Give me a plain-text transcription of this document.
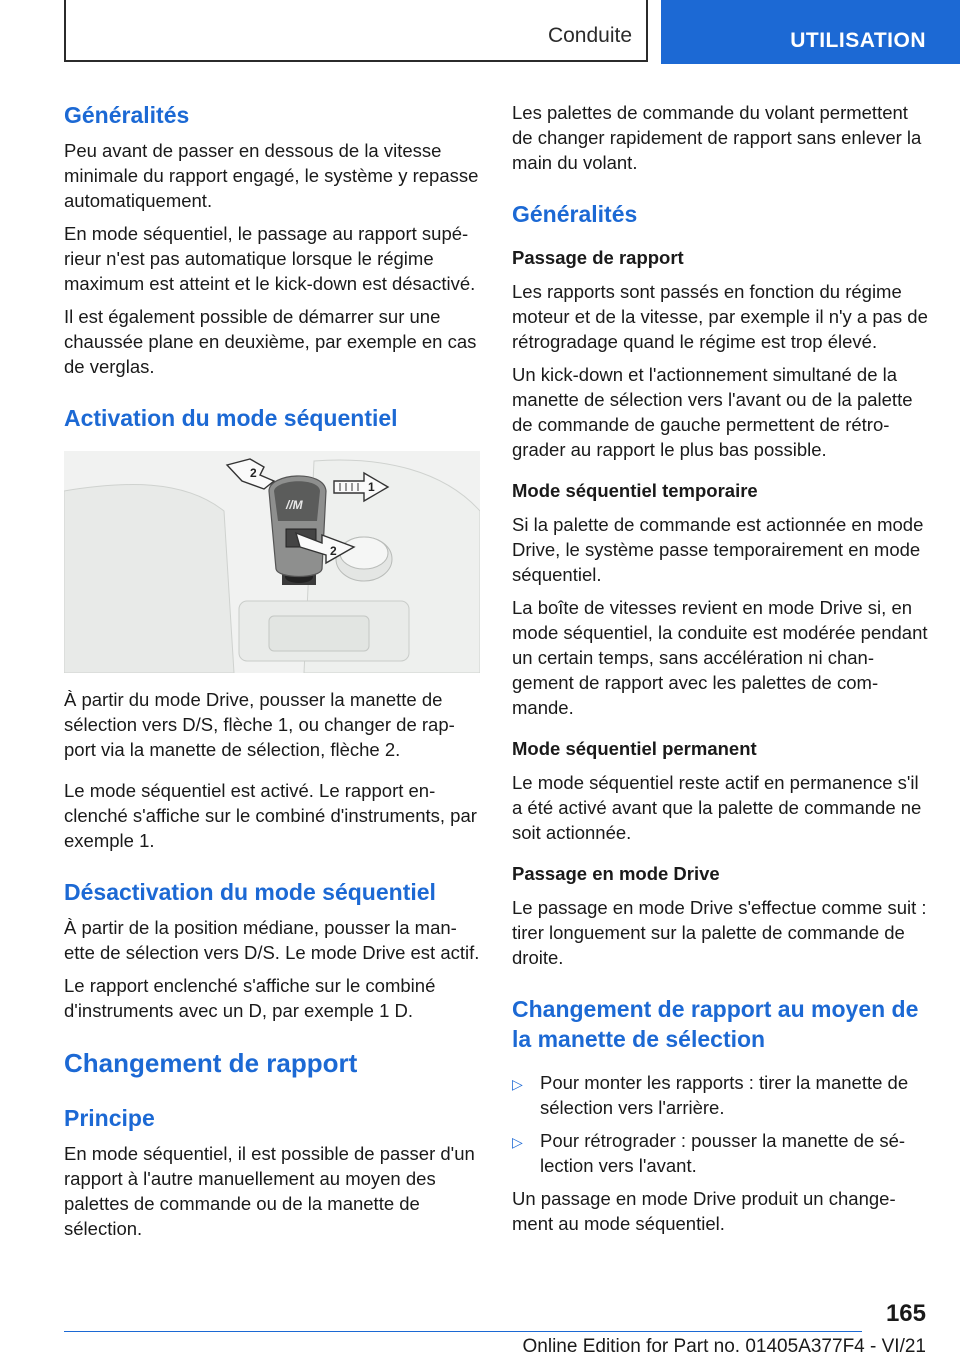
Conduite	UTILISATION
Généralités

Peu avant de passer en dessous de la vitesse minimale du rapport engagé, le système y repasse automatiquement.

En mode séquentiel, le passage au rapport supérieur n'est pas automatique lorsque le régime maximum est atteint et le kick-down est désactivé.

Il est également possible de démarrer sur une chaussée plane en deuxième, par exemple en cas de verglas.

Activation du mode séquentiel
//M
2
1
2

À partir du mode Drive, pousser la manette de sélection vers D/S, flèche 1, ou changer de rapport via la manette de sélection, flèche 2.

Le mode séquentiel est activé. Le rapport enclenché s'affiche sur le combiné d'instruments, par exemple 1.

Désactivation du mode séquentiel

À partir de la position médiane, pousser la manette de sélection vers D/S. Le mode Drive est actif.

Le rapport enclenché s'affiche sur le combiné d'instruments avec un D, par exemple 1 D.

Changement de rapport
Principe

En mode séquentiel, il est possible de passer d'un rapport à l'autre manuellement au moyen des palettes de commande ou de la manette de sélection.

Les palettes de commande du volant permettent de changer rapidement de rapport sans enlever la main du volant.

Généralités
Passage de rapport

Les rapports sont passés en fonction du régime moteur et de la vitesse, par exemple il n'y a pas de rétrogradage quand le régime est trop élevé.

Un kick-down et l'actionnement simultané de la manette de sélection vers l'avant ou de la palette de commande de gauche permettent de rétrograder au rapport le plus bas possible.

Mode séquentiel temporaire

Si la palette de commande est actionnée en mode Drive, le système passe temporairement en mode séquentiel.

La boîte de vitesses revient en mode Drive si, en mode séquentiel, la conduite est modérée pendant un certain temps, sans accélération ni changement de rapport avec les palettes de commande.

Mode séquentiel permanent

Le mode séquentiel reste actif en permanence s'il a été activé avant que la palette de commande ne soit actionnée.

Passage en mode Drive

Le passage en mode Drive s'effectue comme suit : tirer longuement sur la palette de commande de droite.

Changement de rapport au moyen de la manette de sélection
▷ Pour monter les rapports : tirer la manette de sélection vers l'arrière.
▷ Pour rétrograder : pousser la manette de sélection vers l'avant.

Un passage en mode Drive produit un changement au mode séquentiel.

165
Online Edition for Part no. 01405A377F4 - VI/21
